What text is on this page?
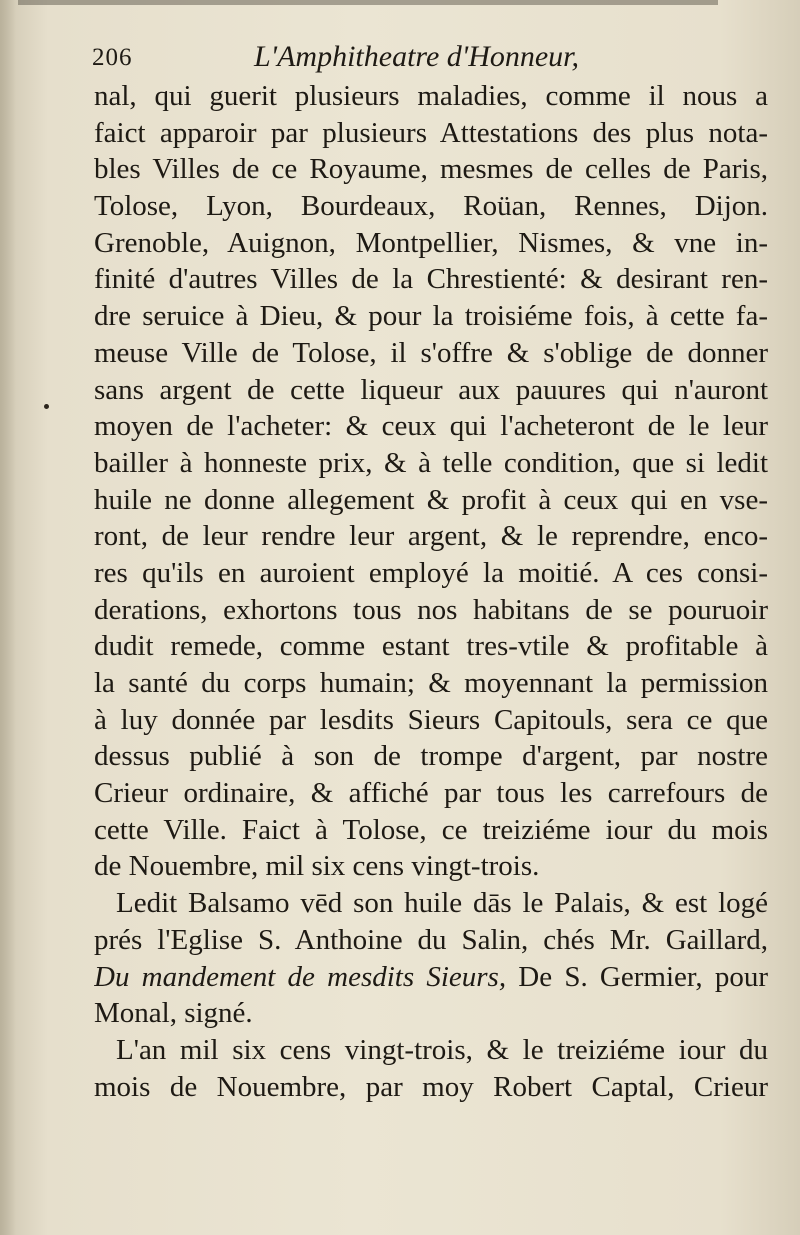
206	L'Amphitheatre d'Honneur,
nal, qui guerit plusieurs maladies, comme il nous a
faict apparoir par plusieurs Attestations des plus nota-
bles Villes de ce Royaume, mesmes de celles de Paris,
Tolose, Lyon, Bourdeaux, Roüan, Rennes, Dijon.
Grenoble, Auignon, Montpellier, Nismes, & vne in-
finité d'autres Villes de la Chrestienté: & desirant ren-
dre seruice à Dieu, & pour la troisiéme fois, à cette fa-
meuse Ville de Tolose, il s'offre & s'oblige de donner
sans argent de cette liqueur aux pauures qui n'auront
moyen de l'acheter: & ceux qui l'acheteront de le leur
bailler à honneste prix, & à telle condition, que si ledit
huile ne donne allegement & profit à ceux qui en vse-
ront, de leur rendre leur argent, & le reprendre, enco-
res qu'ils en auroient employé la moitié. A ces consi-
derations, exhortons tous nos habitans de se pouruoir
dudit remede, comme estant tres-vtile & profitable à
la santé du corps humain; & moyennant la permission
à luy donnée par lesdits Sieurs Capitouls, sera ce que
dessus publié à son de trompe d'argent, par nostre
Crieur ordinaire, & affiché par tous les carrefours de
cette Ville. Faict à Tolose, ce treiziéme iour du mois
de Nouembre, mil six cens vingt-trois.
Ledit Balsamo vēd son huile dās le Palais, & est logé
prés l'Eglise S. Anthoine du Salin, chés Mr. Gaillard,
Du mandement de mesdits Sieurs, De S. Germier, pour
Monal, signé.
L'an mil six cens vingt-trois, & le treiziéme iour du
mois de Nouembre, par moy Robert Captal, Crieur
